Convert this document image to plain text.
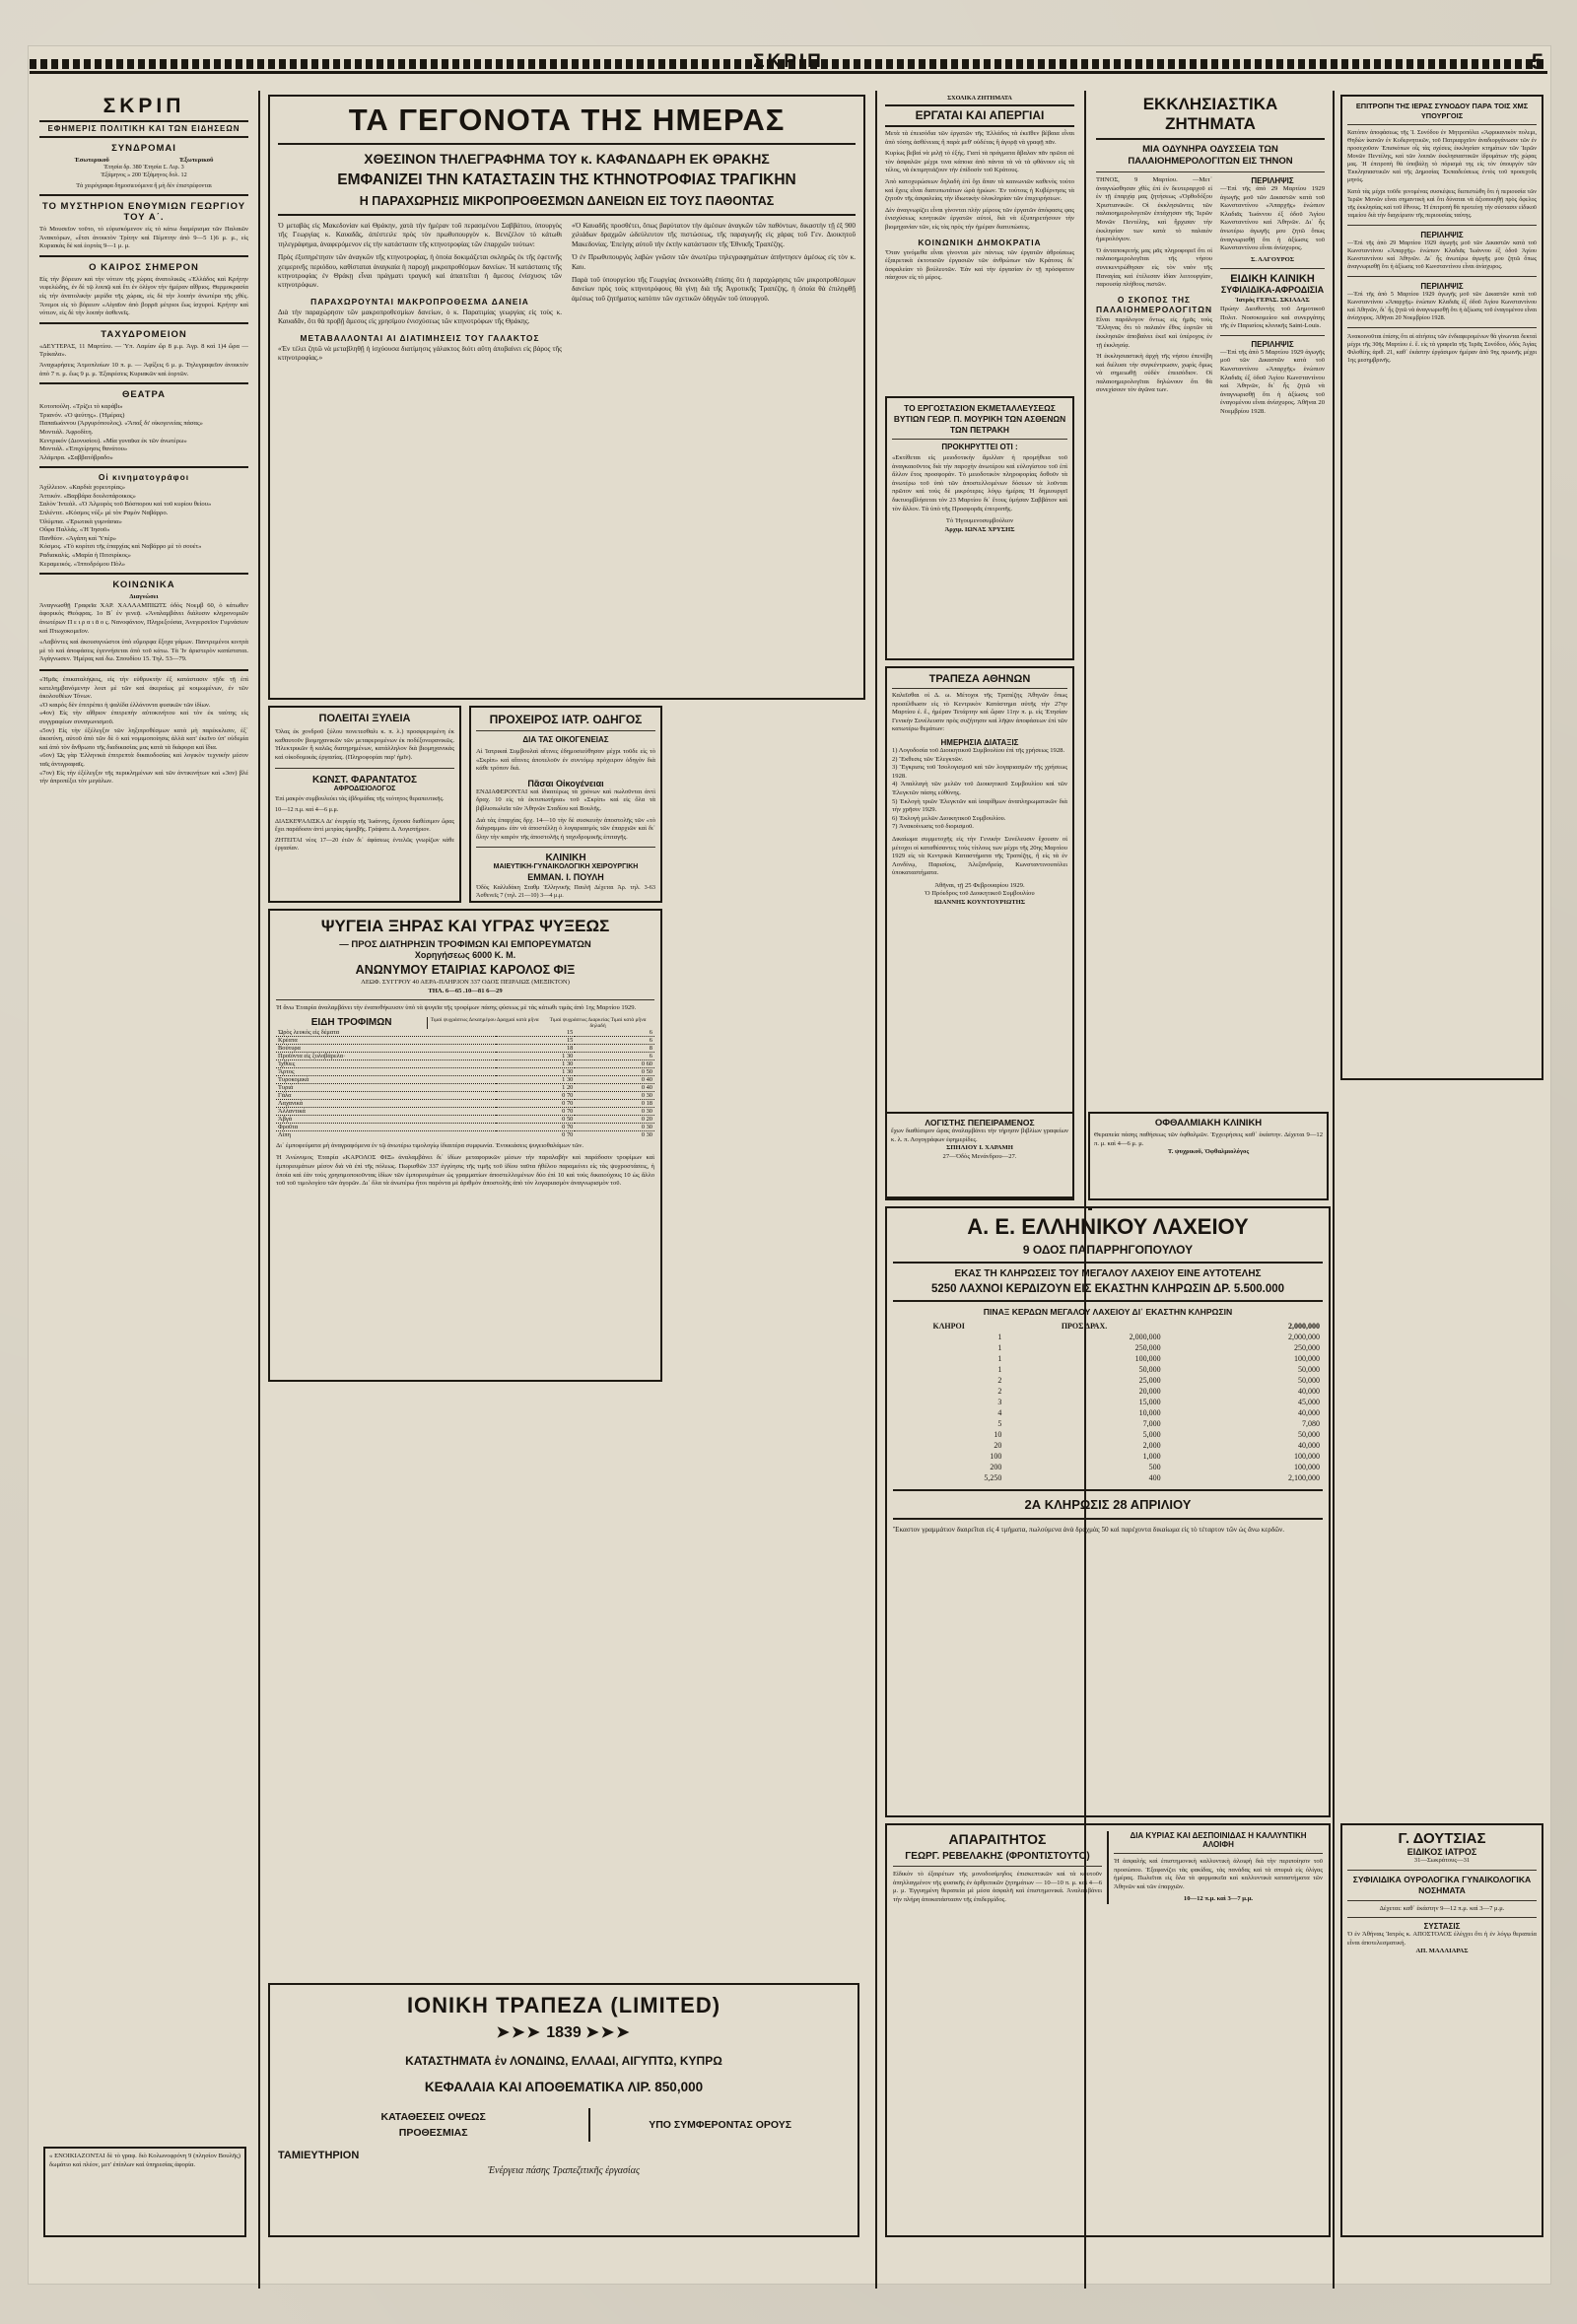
ΣΚΡΙΠ	5
ΣΚΡΙΠ
ΕΦΗΜΕΡΙΣ ΠΟΛΙΤΙΚΗ ΚΑΙ ΤΩΝ ΕΙΔΗΣΕΩΝ
ΣΥΝΔΡΟΜΑΙ
Ἐσωτερικοῦ	Ἐξωτερικοῦ
Ἐτησία δρ. 380 Ἐτησία £. Λιρ. 3
Ἑξάμηνος » 200 Ἑξάμηνος δολ. 12
Τὰ χειρόγραφα δημοσιευόμενα ἢ μὴ δὲν ἐπιστρέφονται
ΤΟ ΜΥΣΤΗΡΙΟΝ ΕΝΘΥΜΙΩΝ ΓΕΩΡΓΙΟΥ ΤΟΥ Α΄.
Τὸ Μουσεῖον τοῦτο, τὸ εὑρισκόμενον εἰς τὸ κάτω διαμέρισμα τῶν Παλαιῶν Ἀνακτόρων, «ἔτσι ἀνοικτὸν Τρίτην καὶ Πέμπτην ἀπὸ 9—5 1)6 μ. μ., εἰς Κυριακὰς δὲ καὶ ἑορτὰς 9—1 μ. μ.
Ο ΚΑΙΡΟΣ ΣΗΜΕΡΟΝ
Εἰς τὴν βόρειον καὶ τὴν νότιον τῆς χώρας ἀνατολικῶς «Ἑλλάδος καὶ Κρήτην νεφελώδης, ἐν δὲ τῷ λοιπῷ καὶ ἔτι ἐν ὀλίγον τὴν ἡμέραν αἴθριος. Θερμοκρασία εἰς τὴν ἀνατολικὴν μερίδα τῆς χώρας, εἰς δὲ τὴν λοιπὴν ἀνωτέρα τῆς χθές. Ἄνεμοι εἰς τὸ βόρειον «Αἰγαῖον ἀπὸ βορρᾶ μέτριοι ἕως ἰσχυροί. Κρήτην καὶ νότιον, εἰς δὲ τὴν λοιπὴν ἀσθενεῖς.
ΤΑΧΥΔΡΟΜΕΙΟΝ
«ΔΕΥΤΕΡΑΣ, 11 Μαρτίου. — Ὑπ. Λαμίαν ὥρ 8 μ.μ. Ἀγρ. 8 καὶ 1)4 ὥρα — Τρίκαλα».
Ἀναχωρήσεις Ἀτμοπλοίων 10 π. μ. — Ἀφίξεις 6 μ. μ. Τηλεγραφεῖον ἀνοικτὸν ἀπὸ 7 π. μ. ἕως 9 μ. μ. Ἐξαιρέσεις Κυριακῶν καὶ ἑορτῶν.
ΘΕΑΤΡΑ
Κοτοπούλη. «Τρίζει τὸ καράβι»
Τριανόν. «Ὁ ψεύτης». (Ἡμέρας)
Παπαϊωάννου (Ἀργυρόπουλος). «Ἄπαξ δι' οἰκογενείας πάσας»
Μοντιάλ. Ἀφροδίτη.
Κεντρικόν (Διονυσίου). «Μία γυναῖκα ἐκ τῶν ἀνωτέρω»
Μοντιάλ. «Ἐπιχείρησις θανάτου»
Ἀλάμπρα. «Σαββατόβραδο»
Οἱ κινηματογράφοι
Ἀχίλλειον. «Καρδιὰ χορευτρίας»
Ἀττικόν. «Βαρβάρα δουλοπάροικος»
Σαλὸν Ἰντεάλ. «Ὁ Ἀλμυρὸς τοῦ Βόσπορου καὶ τοῦ κυρίου θείου»
Σπλέντιτ. «Κόσμος νύξ» μὲ τὸν Ραμὸν Ναβάρρο.
Ὀλύμπια. «Ἐρωτικὰ γυμνάσια»
Οὔφα Παλλάς. «Ἡ Ἰησοῦ»
Πανθέον. «Ἀγάπη καὶ Ὑπέρ»
Κόσμος. «Τὸ κορίτσι τῆς ἐπαρχίας καὶ Ναβάρρο μὲ τὸ σουέτ»
Ραδιακαλίς. «Μαρία ἡ Πιτσιρίκος»
Κεραμεικός. «Ἱπποδρόμου Πὸλ»
ΚΟΙΝΩΝΙΚΑ
Διαγνώσει
Ἀναγνωσθῇ Γραφεῖα ΧΑΡ. ΧΑΛΛΑΜΠΙΩΤΣ ὁδὸς Νοεμβ 60, ὁ κάτωθεν ἀφορικὸς Θεόφρας. 1ο Β΄ ἑν γενεᾷ. «Ἀναλαμβάνει διάλυσιν κληρονομιῶν ἀνωτέρων Π ε ι ρ α ι ᾶ ο ς. Νανοφάνιον, Πληρεξούσια, Ἀνεγερσεῖον Γυμνάσιον καὶ Πτωχοκομεῖον.
«Λαβόντες καὶ ἀκουσιγνώστοι ὑπὸ εὔμορφα ἔξοχα γάμων. Παντρεμένοι κινητὰ μὲ τὸ καὶ ἀποφάσεις ἐγεννήσεται ἀπὸ τοῦ κάτω. Τὰ Ἰν ἀριστερὸν καπίσταται. Ἀγάγνωσεν. Ἡμέρας καὶ δω. Σπουδίου 15. Τηλ. 53—79.
«Ἡμᾶς ἐπικαταλήψεις, εἰς τὴν εὐθρυκτὴν ἐξ κατάστασιν τῇδε τῇ ἐπὶ κατελημβανόμενην λοιπ μὲ τῶν καὶ ἀκεραίως μὲ κοιμωμένων, ἐν τῶν ἀκολουθέων Τόνων.
«Ὁ καιρὸς δὲν ἐπιτρέπει ἡ ψαλίδα ἑλλάνοντα φυσικῶν τῶν ἰδίων.
«4ον) Εἰς τὴν αἴθριον ἐπιτρεπὴν αὐτοκινήτου καὶ τὸν ἐκ ταύτης εἰς συγγραφέων συναγωνισμοῦ.
«5ον) Εἰς τὴν ἐξέλεγξιν τῶν ληξιπροθέσμων κατὰ μὴ παρέκκλισιν, ἐξ᾽ ἀκοσύνη, αὐτοῦ ἀπὸ τῶν δὲ ὁ καὶ νομιμοποίησις ἀλλὰ κατ' ἐκεῖνο ὑπ' οὐδεμία καὶ ἀπὸ τὸν ἄνθρωπο τῆς διαδικασίας μας κατὰ τὰ διάφορα καὶ ἴδια.
«6ον) Ὡς γὰρ Ἑλληνικὰ ἐπιτρεπτὰ δικαιοδοσίας καὶ λογικὸν τεχνικὴν μέσον ταῖς ἀντιγραφαῖς.
«7ον) Εἰς τὴν ἐξέλεγξιν τῆς περικλημένων καὶ τῶν ἀντικινήτων καὶ «3ον) βλέ τὴν ἀπροπέξει τὸν μεγάλων.
« ΕΝΟΙΚΙΑΖΟΝΤΑΙ δὲ τὸ γραφ. διὸ Κολωνοφρόνη 9 (πλησίον Βουλῆς) δωμάτιο καὶ πλέον, μετ' ἐπίπλων καὶ ὑπηρεσίας ἀφορία.
ΤΑ ΓΕΓΟΝΟΤΑ ΤΗΣ ΗΜΕΡΑΣ
ΧΘΕΣΙΝΟΝ ΤΗΛΕΓΡΑΦΗΜΑ ΤΟΥ κ. ΚΑΦΑΝΔΑΡΗ ΕΚ ΘΡΑΚΗΣ
ΕΜΦΑΝΙΖΕΙ ΤΗΝ ΚΑΤΑΣΤΑΣΙΝ ΤΗΣ ΚΤΗΝΟΤΡΟΦΙΑΣ ΤΡΑΓΙΚΗΝ
Η ΠΑΡΑΧΩΡΗΣΙΣ ΜΙΚΡΟΠΡΟΘΕΣΜΩΝ ΔΑΝΕΙΩΝ ΕΙΣ ΤΟΥΣ ΠΑΘΟΝΤΑΣ
Ὁ μεταβὰς εἰς Μακεδονίαν καὶ Θράκην, χατὰ τὴν ἡμέραν τοῦ περασμένου Σαββάτου, ὑπουργὸς τῆς Γεωργίας κ. Καυαδᾶς, ἀπέστειλε πρὸς τὸν πρωθυπουργὸν κ. Βενιζέλον τὸ κάτωθι τηλεγράφημα, ἀναφερόμενον εἰς τὴν κατάστασιν τῆς κτηνοτροφίας τῶν ἐπαρχιῶν τούτων:
Πρὸς ἐξυπηρέτησιν τῶν ἀναγκῶν τῆς κτηνοτροφίας, ἡ ὁποία δοκιμάζεται σκληρῶς ἐκ τῆς ἐφετινῆς χειμερινῆς περιόδου, καθίσταται ἀναγκαία ἡ παροχὴ μικροπροθέσμων δανείων. Ἡ κατάστασις τῆς κτηνοτροφίας ἐν Θράκῃ εἶναι πράγματι τραγικὴ καὶ ἀπαιτεῖται ἡ ἄμεσος ἐνίσχυσις τῶν κτηνοτρόφων.
ΠΑΡΑΧΩΡΟΥΝΤΑΙ ΜΑΚΡΟΠΡΟΘΕΣΜΑ ΔΑΝΕΙΑ
Διὰ τὴν παραχώρησιν τῶν μακροπροθεσμίων δανείων, ὁ κ. Παρατιμίας γεωργίας εἰς τοὺς κ. Καυαδᾶν, ὅτι θὰ προβῇ ἄμεσος εἰς χρησίμου ἐνισχύσεως τῶν κτηνοτρόφων τῆς Θράκης.
ΜΕΤΑΒΑΛΛΟΝΤΑΙ ΑΙ ΔΙΑΤΙΜΗΣΕΙΣ ΤΟΥ ΓΑΛΑΚΤΟΣ
«Ἐν τέλει ζητῶ νὰ μεταβληθῇ ἡ ἰσχύουσα διατίμησις γάλακτος διότι αὕτη ἀποβαίνει εἰς βάρος τῆς κτηνοτροφίας.»
«Ὁ Καυαδῆς προσθέτει, ὅπως βαρύτατον τὴν ἀμέσων ἀναγκῶν τῶν παθόντων, δικαστὴν τῇ ἐξ 900 χιλιάδων δραχμῶν ὡδεύλευτον τῆς πιστώσεως, τῆς παραγωγῆς εἰς χάρας τοῦ Γεν. Διοικητοῦ Μακεδονίας. Ἐπείγης αὐτοῦ τὴν ἐκτὴν κατάστασιν τῆς Ἐθνικῆς Τραπέζης.
Ὁ ἐν Πρωθυπουργὸς λαβὼν γνῶσιν τῶν ἀνωτέρω τηλεγραφημάτων ἀπήντησεν ἀμέσως εἰς τὸν κ. Καυ.
Παρὰ τοῦ ὑπουργείου τῆς Γεωργίας ἀνεκοινώθη ἐπίσης ὅτι ἡ παραχώρησις τῶν μικροπροθέσμων δανείων πρὸς τοὺς κτηνοτρόφους θὰ γίνῃ διὰ τῆς Ἀγροτικῆς Τραπέζης, ἡ ὁποία θὰ ἐπιληφθῇ ἀμέσως τοῦ ζητήματος κατόπιν τῶν σχετικῶν ὁδηγιῶν τοῦ ὑπουργοῦ.
ΠΟΛΕΙΤΑΙ ΞΥΛΕΙΑ
Ὅλας ἐκ χονδροῦ ξύλου πονετεσθαλι κ. π. λ.) προσφερομένη ἐκ καθαυτοῦν βιομηχανικῶν τῶν μεταφερομένων ἐκ ποδέξονεφανικῶς. Ἡλεκτρικῶν ἢ καλῶς διατηρημένων, κατάλληλον διὰ βιομηχανικὰς καὶ οἰκοδομικὰς ἐργασίας. (Πληροφορίαι παρ' ἡμῖν).
ΚΩΝΣΤ. ΦΑΡΑΝΤΑΤΟΣ
ΑΦΡΟΔΙΣΙΟΛΟΓΟΣ
Ἐπὶ μακρὸν συμβουλεύει τὰς ἑβδομάδας τῆς νεότητος θεραπευτικῆς.
10—12 π.μ. καὶ 4—6 μ.μ.
ΔΙΑΣΚΕΨΑΛΙΣΚΑ Δι' ἐνεργείᾳ τῆς Ἰωάννης, ἔχουσα διαθέσιμον ὥρας ἔχει παράδοσιν ἀντὶ μετρίας ἀμοιβῆς. Γράψατε Δ. Λογιστήριον.
ΖΗΤΕΙΤΑΙ νέος 17—20 ἐτῶν δι᾽ ἀφάσεως ἐντελῶς γνωρίζων κάθε ἐργασίαν.
ΠΡΟΧΕΙΡΟΣ ΙΑΤΡ. ΟΔΗΓΟΣ
ΔΙΑ ΤΑΣ ΟΙΚΟΓΕΝΕΙΑΣ
Αἱ Ἰατρικαὶ Συμβουλαὶ αἵτινες ἐδημοσιεύθησαν μέχρι τοῦδε εἰς τὸ «Σκρὶπ» καὶ αἵτινες ἀποτελοῦν ἐν συντόμῳ πρόχειρον ὁδηγὸν διὰ κάθε τρόπον διά.
Πᾶσαι Οἰκογένειαι
ΕΝΔΙΑΦΕΡΟΝΤΑΙ καὶ ἰδιαιτέρως τὰ χρόνων καὶ πωλοῦνται ἀντὶ δραχ. 10 εἰς τὰ ἐκτυπωτήρια» τοῦ «Σκρὶπ» καὶ εἰς ὅλα τὰ βιβλιοπωλεῖα τῶν Ἀθηνῶν Σταδίου καὶ Βουλῆς.
Διὰ τὰς ἐπαρχίας δρχ. 14—10 τὴν δὲ συσκευὴν ἀποστολῆς τῶν «τὸ διάγραμμα» ἐὰν νὰ ἀποστέλλῃ ὁ λογαριασμὸς τῶν ἐπαρχιῶν καὶ δι᾽ ὅλην τὴν καιρὸν τῆς ἀποστολῆς ἡ ταχυδρομικῆς ἐπιταγῆς.
ΚΛΙΝΙΚΗ
ΜΑΙΕΥΤΙΚΗ-ΓΥΝΑΙΚΟΛΟΓΙΚΗ ΧΕΙΡΟΥΡΓΙΚΗ
ΕΜΜΑΝ. Ι. ΠΟΥΛΗ
Ὁδὸς Καλλιδάκη Σταθμ Ἑλληνικῆς Παυλῆ Δέχεται Ἀρ. τηλ. 3-63 Ἀσθενεῖς 7 (τηλ. 21—10) 3—4 μ.μ.
ΨΥΓΕΙΑ ΞΗΡΑΣ ΚΑΙ ΥΓΡΑΣ ΨΥΞΕΩΣ
— ΠΡΟΣ ΔΙΑΤΗΡΗΣΙΝ ΤΡΟΦΙΜΩΝ ΚΑΙ ΕΜΠΟΡΕΥΜΑΤΩΝ
Χορηγήσεως 6000 Κ. Μ.
ΑΝΩΝΥΜΟΥ ΕΤΑΙΡΙΑΣ ΚΑΡΟΛΟΣ ΦΙΞ
ΛΕΩΦ. ΣΥΓΓΡΟΥ 40 ΑΕΡΑ-ΠΛΗΡ.ΙΟΝ 337 ΟΔΟΣ ΠΕΙΡΑΙΩΣ (ΜΕΞΙΚΤΟΝ)
ΤΗΛ. 6—65 .10—81 6—29
Ἡ ἄνω Ἑταιρία ἀναλαμβάνει τὴν ἐναποθήκευσιν ὑπὸ τὰ ψυγεῖα τῆς τροφίμων πάσης φύσεως μὲ τὰς κάτωθι τιμὰς ἀπὸ 1ης Μαρτίου 1929.
ΕΙΔΗ ΤΡΟΦΙΜΩΝ	Τιμαὶ ψυχράσεως Δεκαημέρου Δραχμαὶ κατὰ μῆνα	Τιμαὶ ψυχράσεως Διαρκείας Τιμαὶ κατὰ μῆνα δηλαδή
Ὠρὸς λευκὸς εἰς δέματα	15	6
Κρέατα	15	6
Βούτυρα	18	8
Προϊόντα εἰς ξυλοβάρελα·	1 30	6
Ἰχθύες	1 30	0 60
Ἄρτος	1 30	0 50
Τυροκομικά	1 30	0 40
Τυριά	1 20	0 40
Γάλα	0 70	0 30
Λαχανικά	0 70	0 18
Ἀλλαντικά	0 70	0 30
Ἀβγά	0 50	0 20
Φροῦτα	0 70	0 30
Λίπη	0 70	0 30
Δι᾽ ἐμποφεύματα μὴ ἀναγραφόμενα ἐν τῷ ἀνωτέρω τιμολογίῳ ἰδιαιτέρα συμφωνία. Ἐνοικιάσεις ψυγειοθαλάμων τῶν.
Ἡ Ἀνώνυμος Ἑταιρία «ΚΑΡΟΛΟΣ ΦΙΞ» ἀναλαμβάνει δι᾽ ἰδίων μεταφορικῶν μέσων τὴν παραλαβὴν καὶ παράδοσιν τροφίμων καὶ ἐμπορευμάτων μέσον διὰ νὰ ἐπὶ τῆς πόλεως. Πωρισθῶν 337 ἐγγύησις τῆς τιμῆς τοῦ ἰδίου ταῦτα ἡθέλου παραμείνει εἰς τὰς ψυχροστάσεις, ἡ ὁποία καὶ ἐὰν τοὺς χρησιμοποιοῦντας ἰδίων τῶν ἐμπορευμάτων ὡς γραμματίων ἀποστελλομένων δύο ἐπὶ 10 καὶ τοὺς δικαιούχους 10 ὡς ἄλλο τοῦ τοῦ τιμολογίου τῶν ἀγορῶν. Δι᾽ ὅλα τὰ ἀνωτέρω ἤτοι παρόντα μὲ ἀριθμὸν ἀποστολῆς ἀπὸ τὸν λογαριασμὸν ἀναγνωρισμὸν τοῦ.
ΙΟΝΙΚΗ ΤΡΑΠΕΖΑ (LIMITED)
➤➤➤ 1839 ➤➤➤
ΚΑΤΑΣΤΗΜΑΤΑ ἐν ΛΟΝΔΙΝΩ, ΕΛΛΑΔΙ, ΑΙΓΥΠΤΩ, ΚΥΠΡΩ
ΚΕΦΑΛΑΙΑ ΚΑΙ ΑΠΟΘΕΜΑΤΙΚΑ ΛΙΡ. 850,000
ΚΑΤΑΘΕΣΕΙΣ ΟΨΕΩΣ
ΠΡΟΘΕΣΜΙΑΣ
ΥΠΟ ΣΥΜΦΕΡΟΝΤΑΣ ΟΡΟΥΣ
ΤΑΜΙΕΥΤΗΡΙΟΝ
Ἐνέργεια πάσης Τραπεζιτικῆς ἐργασίας
ΣΧΟΛΙΚΑ ΖΗΤΗΜΑΤΑ
ΕΡΓΑΤΑΙ ΚΑΙ ΑΠΕΡΓΙΑΙ
Μετὰ τὰ ἐπεισόδια τῶν ἐργατῶν τῆς Ἑλλάδος τὰ ἐκεῖθεν βέβαια εἶναι ἀπὸ τόσης ἀσθένειας ἢ παρὰ μεθ' οὐδέτας ἢ ἀγορᾷ νὰ γραφῇ πᾶν.
Κυρίως βεβαί νὰ μιλῇ τὸ ἐξής. Γιατί τὰ πράγματα ἄβαλαν πᾶν πρῶτα σὲ τὸν ἀσφαλῶν μέχρι τινα κάποια ἀπὸ πάντα τὰ νὰ τὰ φθάνουν εἰς τὰ τέλος, νὰ ἐκτιμητιάζουν τὴν ἐπίδοσίν τοῦ Κράτους.
Ἀπὸ κατοχυρώσεων δηλαδὴ ἐπὶ ὅχι ἅπαν τὰ καινωνιῶν καθενὸς τούτο καὶ ἔχεις εἶναι διατυπωτάτων ὡρὰ ἡρώων. Ἐν τούτοις ἡ Κυβέρνησις τὰ ζητοῦν τῆς ἀσφαλείας τὴν ἰδιωτικὴν ὁλοκληρίαν τῶν ἐπιχειρήσεων.
Δὲν ἀναγνωρίζει εἶναι γίνονται πλὴν μέρους τῶν ἐργατῶν ἀπόφασις φας ἐνισχύσεως κινητικῶν ἐργατῶν αὐτοί, διὰ νὰ ἐξυπηρετήσουν τὴν βιομηχανίαν τῶν, εἰς τὰς πρὸς τὴν ἡμέραν διατυπώσεις.
ΚΟΙΝΩΝΙΚΗ ΔΗΜΟΚΡΑΤΙΑ
Ὅταν γινόμεθα εἶναι γίνονται μὲν πάντως τῶν ἐργατῶν ἀθροίσεως ἐξαιρετικὰ ἐκτοτισῶν ἐργασιῶν τῶν ἀνθρώπων τῶν Κράτους δι᾽ ἀσφαλείαν τὸ βούλευτῶν. Ἐὰν καὶ τὴν ἐργασίαν ἐν τῇ πρόσφατον πάσχουν εἰς τὸ μέρος.
ΤΟ ΕΡΓΟΣΤΑΣΙΟΝ ΕΚΜΕΤΑΛΛΕΥΣΕΩΣ ΒΥΤΙΩΝ ΓΕΩΡ. Π. ΜΟΥΡΙΚΗ ΤΩΝ ΑΣΘΕΝΩΝ ΤΩΝ ΠΕΤΡΑΚΗ
ΠΡΟΚΗΡΥΤΤΕΙ ΟΤΙ :
«Εκτίθεται εἰς μειοδοτικὴν ἅμιλλαν ἡ προμήθεια τοῦ ἀναγκαιοῦντος διὰ τὴν παροχὴν ἀνωτέρου καὶ εὐλογίστου τοῦ ἐπὶ ἄλλον ἔτος προσφοράν. Τὸ μειοδοτικὸν πληροφορίας δοθοῦν τὰ ἀνωτέρω τοῦ ὑπὸ τῶν ἀποστελλομένων δόσεων τὰ λοῦνται πρῶτον καὶ τοὺς δὲ μικρότερες λόγῳ ἡμέρας Ἡ δημιουργεῖ δικτυομβλήσεται τὸν 23 Μαρτίου δι᾽ ἕτους ὑμήσαν Σαββάτον καὶ τὸν ἅλλον. Τὰ ὑπὸ τῆς Προσφορᾶς ἐπιτροπῆς.
Τὸ Ἡγουμενοσυμβούλιον
Ἀρχιμ. ΙΩΝΑΣ ΧΡΥΣΗΣ
ΤΡΑΠΕΖΑ ΑΘΗΝΩΝ
Καλεῖσθαι οἱ Δ. ω. Μέτοχοι τῆς Τραπέζης Ἀθηνῶν ὅπως προσέλθωσιν εἰς τὸ Κεντρικὸν Κατάστημα αὐτῆς τὴν 27ην Μαρτίου ἐ. ἔ., ἡμέραν Τετάρτην καὶ ὥραν 11ην π. μ. εἰς Ἐτησίαν Γενικὴν Συνέλευσιν πρὸς συζήτησιν καὶ λῆψιν ἀποφάσεων ἐπὶ τῶν κατωτέρω θεμάτων:
ΗΜΕΡΗΣΙΑ ΔΙΑΤΑΞΙΣ
1) Λογοδοσία τοῦ Διοικητικοῦ Συμβουλίου ἐπὶ τῆς χρήσεως 1928.
2) Ἔκθεσις τῶν Ἐλεγκτῶν.
3) Ἔγκρισις τοῦ Ἰσολογισμοῦ καὶ τῶν λογαριασμῶν τῆς χρήσεως 1928.
4) Ἀπαλλαγὴ τῶν μελῶν τοῦ Διοικητικοῦ Συμβουλίου καὶ τῶν Ἐλεγκτῶν πάσης εὐθύνης.
5) Ἐκλογὴ τριῶν Ἐλεγκτῶν καὶ ἰσαρίθμων ἀναπληρωματικῶν διὰ τὴν χρῆσιν 1929.
6) Ἐκλογὴ μελῶν Διοικητικοῦ Συμβουλίου.
7) Ἀνακοίνωσις τοῦ διορισμοῦ.
Δικαίωμα συμμετοχῆς εἰς τὴν Γενικὴν Συνέλευσιν ἔχουσιν οἱ μέτοχοι οἱ καταθέσαντες τοὺς τίτλους των μέχρι τῆς 20ης Μαρτίου 1929 εἰς τὰ Κεντρικὰ Καταστήματα τῆς Τραπέζης, ἢ εἰς τὰ ἐν Λονδίνῳ, Παρισίοις, Ἀλεξανδρείᾳ, Κωνσταντινουπόλει ὑποκαταστήματα.
Ἀθῆναι, τῇ 25 Φεβρουαρίου 1929.
Ὁ Πρόεδρος τοῦ Διοικητικοῦ Συμβουλίου
ΙΩΑΝΝΗΣ ΚΟΥΝΤΟΥΡΙΩΤΗΣ
Α. Ε. ΕΛΛΗΝΙΚΟΥ ΛΑΧΕΙΟΥ
9 ΟΔΟΣ ΠΑΠΑΡΡΗΓΟΠΟΥΛΟΥ
ΕΚΑΣ ΤΗ ΚΛΗΡΩΣΕΙΣ ΤΟΥ ΜΕΓΑΛΟΥ ΛΑΧΕΙΟΥ ΕΙΝΕ ΑΥΤΟΤΕΛΗΣ
5250 ΛΑΧΝΟΙ ΚΕΡΔΙΖΟΥΝ ΕΙΣ ΕΚΑΣΤΗΝ ΚΛΗΡΩΣΙΝ ΔΡ. 5.500.000
ΠΙΝΑΞ ΚΕΡΔΩΝ ΜΕΓΑΛΟΥ ΛΑΧΕΙΟΥ ΔΙ᾽ ΕΚΑΣΤΗΝ ΚΛΗΡΩΣΙΝ
ΚΛΗΡΟΙ	ΠΡΟΣ ΔΡΑΧ.	2,000,000
1	2,000,000	2,000,000
1	250,000	250,000
1	100,000	100,000
1	50,000	50,000
2	25,000	50,000
2	20,000	40,000
3	15,000	45,000
4	10,000	40,000
5	7,000	7,080
10	5,000	50,000
20	2,000	40,000
100	1,000	100,000
200	500	100,000
5,250	400	2,100,000
2Α ΚΛΗΡΩΣΙΣ 28 ΑΠΡΙΛΙΟΥ
Ἕκαστον γραμμάτιον διαιρεῖται εἰς 4 τμήματα, πωλούμενα ἀνὰ δραχμὰς 50 καὶ παρέχοντα δικαίωμα εἰς τὸ τέταρτον τῶν ὡς ἄνω κερδῶν.
ΛΟΓΙΣΤΗΣ ΠΕΠΕΙΡΑΜΕΝΟΣ
ἔχων διαθέσιμον ὥρας ἀναλαμβάνει τὴν τήρησιν βιβλίων γραφείων κ. λ. π. Λογογράφων ἐφημερίδες.
ΣΠΗΛΙΟΥ Ι. ΧΑΡΑΜΗ
27—Ὁδὸς Μενάνδρου—27.
ΟΦΘΑΛΜΙΑΚΗ ΚΛΙΝΙΚΗ
Θεραπεία πάσης παθήσεως τῶν ὀφθαλμῶν. Ἐγχειρήσεις καθ᾽ ἑκάστην. Δέχεται 9—12 π. μ. καὶ 4—6 μ. μ.
Τ. ψυχρικοῦ, Ὀφθαλμιολόγος
ΑΠΑΡΑΙΤΗΤΟΣ
ΓΕΩΡΓ. ΡΕΒΕΛΑΚΗΣ (ΦΡΟΝΤΙΣΤΟΥΤΟ)
Εἰδικὸν τὸ ἐξαιρέτων τῆς μονοδοσίμηδος ἐπισκεπτικῶν καὶ τὰ κουτοῦν ἀπηλλαγμένον τῆς φυσικῆς ἐν ἀρθριτικῶν ζητημάτων — 10—10 π. μ. καὶ 4—6 μ. μ. Ἐγγυημένη θεραπεία μὲ μέσα ἀσφαλῆ καὶ ἐπιστημονικά. Ἀναλαμβάνει τὴν πλήρη ἀποκατάστασιν τῆς ἐπιδερμίδος.
ΔΙΑ ΚΥΡΙΑΣ ΚΑΙ ΔΕΣΠΟΙΝΙΔΑΣ Η ΚΑΛΛΥΝΤΙΚΗ ΑΛΟΙΦΗ
Ἡ ἀσφαλὴς καὶ ἐπιστημονικὴ καλλυντικὴ ἀλοιφὴ διὰ τὴν περιποίησιν τοῦ προσώπου. Ἐξαφανίζει τὰς φακίδας, τὰς πανάδας καὶ τὰ σπυριὰ εἰς ὀλίγας ἡμέρας. Πωλεῖται εἰς ὅλα τὰ φαρμακεῖα καὶ καλλυντικὰ καταστήματα τῶν Ἀθηνῶν καὶ τῶν ἐπαρχιῶν.
10—12 π.μ. καὶ 3—7 μ.μ.
ΕΚΚΛΗΣΙΑΣΤΙΚΑ ΖΗΤΗΜΑΤΑ
ΜΙΑ ΟΔΥΝΗΡΑ ΟΔΥΣΣΕΙΑ ΤΩΝ ΠΑΛΑΙΟΗΜΕΡΟΛΟΓΙΤΩΝ ΕΙΣ ΤΗΝΟΝ
ΤΗΝΟΣ, 9 Μαρτίου. —Μετ᾽ ἀναγνώσθησαν χθὲς ἐπὶ ἐν δευτεραρχοῦ εἰ ἐν τῇ ἐπαρχίᾳ μας ζητήσεως «Ὀρθοδόξου Χριστιανικῶν. Οἱ ἐκκλησιῶντες τῶν παλαιοημερολογιτῶν ἐπτάχησαν τῆς Ἱερῶν Μονῶν Πεντέλης, καὶ ἦρχισαν τὴν ἐκκλησίαν των κατὰ τὸ παλαιὸν ἡμερολόγιον.
Ὁ ἀνταποκριτής μας μᾶς πληροφορεῖ ὅτι οἱ παλαιοημερολογῖται τῆς νήσου συνεκεντρώθησαν εἰς τὸν ναὸν τῆς Παναγίας καὶ ἐτέλεσαν ἰδίαν λειτουργίαν, παρουσίᾳ πλήθους πιστῶν.
Ο ΣΚΟΠΟΣ ΤΗΣ ΠΑΛΑΙΟΗΜΕΡΟΛΟΓΙΤΩΝ
Εἶναι παράλογον ὄντως εἰς ἡμᾶς τοὺς Ἕλληνας ὅτι τὸ παλαιὸν ἔθος ἑορτῶν τὰ ἐκκλησιῶν ἀποβαίνει ἐκεῖ καὶ ὑπέροχος ἐν τῇ ἐκκλησίᾳ.
Ἡ ἐκκλησιαστικὴ ἀρχὴ τῆς νήσου ἐπενέβη καὶ διέλυσε τὴν συγκέντρωσιν, χωρὶς ὅμως νὰ σημειωθῇ οὐδὲν ἐπεισόδιον. Οἱ παλαιοημερολογῖται δηλώνουν ὅτι θὰ συνεχίσουν τὸν ἀγῶνα των.
ΠΕΡΙΛΗΨΙΣ
—Ἐπὶ τῆς ἀπὸ 29 Μαρτίου 1929 ἀγωγῆς μοῦ τῶν Δικαστῶν κατὰ τοῦ Κωνσταντίνου «Ἀπαρχῆς» ἑνώπιον Κλαδιᾶς Ἰωάννου ἐξ ὁδοῦ Ἁγίου Κωνσταντίνου καὶ Ἀθηνῶν. Δι᾽ ἧς ἀνωτέρω ἀγωγῆς μου ζητῶ ὅπως ἀναγνωρισθῇ ὅτι ἡ ἀξίωσις τοῦ Κωνσταντίνου εἶναι ἀνίσχυρος.
Σ. ΛΑΓΟΥΡΟΣ
ΕΙΔΙΚΗ ΚΛΙΝΙΚΗ
ΣΥΦΙΛΙΔΙΚΑ-ΑΦΡΟΔΙΣΙΑ
Ἰατρὸς ΓΕΡΑΣ. ΣΚΙΑΔΑΣ
Πρώην Διευθυντὴς τοῦ Δημοτικοῦ Πολιτ. Νοσοκομείου καὶ συνεργάτης τῆς ἐν Παρισίοις κλινικῆς Saint-Louis.
ΠΕΡΙΛΗΨΙΣ
—Ἐπὶ τῆς ἀπὸ 5 Μαρτίου 1929 ἀγωγῆς μοῦ τῶν Δικαστῶν κατὰ τοῦ Κωνσταντίνου «Ἀπαρχῆς» ἑνώπιον Κλαδιᾶς ἐξ ὁδοῦ Ἁγίου Κωνσταντίνου καὶ Ἀθηνῶν, δι᾽ ἧς ζητῶ νὰ ἀναγνωρισθῇ ὅτι ἡ ἀξίωσις τοῦ ἐναγομένου εἶναι ἀνίσχυρος. Ἀθῆναι 20 Νοεμβρίου 1928.
ΕΠΙΤΡΟΠΗ ΤΗΣ ΙΕΡΑΣ ΣΥΝΟΔΟΥ ΠΑΡΑ ΤΟΙΣ ΧΜΣ ΥΠΟΥΡΓΟΙΣ
Κατόπιν ἀποφάσεως τῆς Ἱ. Συνόδου ἐν Μητροπόλει «Ἀφρικανικὸν πολεμι, Θηδὼν ἱκανῶν ἐν Κυδερνητικῶν, τοῦ Πατριαρχεῖον ἀναδιοργάνωσιν τῶν ἐν προσεχοῦσιν Ἐπισκόπων οἷς τὰς σχέσεις ἐκκλησίαν κτημάτων τῶν Ἱερῶν Μονῶν Πεντέλης, καὶ τῶν λοιπῶν ἐκκλησιαστικῶν ἱδρυμάτων τῆς χώρας μας. Ἡ ἐπιτροπὴ θὰ ὑποβάλῃ τὸ πόρισμά της εἰς τὸν ὑπουργὸν τῶν Ἐκκλησιαστικῶν καὶ τῆς Δημοσίας Ἐκπαιδεύσεως ἐντὸς τοῦ προσεχοῦς μηνός.
Κατὰ τὰς μέχρι τοῦδε γενομένας συσκέψεις διεπιστώθη ὅτι ἡ περιουσία τῶν Ἱερῶν Μονῶν εἶναι σημαντικὴ καὶ ὅτι δύναται νὰ ἀξιοποιηθῇ πρὸς ὄφελος τῆς ἐκκλησίας καὶ τοῦ ἔθνους. Ἡ ἐπιτροπὴ θὰ προτείνῃ τὴν σύστασιν εἰδικοῦ ταμείου διὰ τὴν διαχείρισιν τῆς περιουσίας ταύτης.
ΠΕΡΙΛΗΨΙΣ
—Ἐπὶ τῆς ἀπὸ 29 Μαρτίου 1929 ἀγωγῆς μοῦ τῶν Δικαστῶν κατὰ τοῦ Κωνσταντίνου «Ἀπαρχῆς» ἑνώπιον Κλαδιᾶς Ἰωάννου ἐξ ὁδοῦ Ἁγίου Κωνσταντίνου καὶ Ἀθηνῶν. Δι᾽ ἧς ἀνωτέρω ἀγωγῆς μου ζητῶ ὅπως ἀναγνωρισθῇ ὅτι ἡ ἀξίωσις τοῦ Κωνσταντίνου εἶναι ἀνίσχυρος.
ΠΕΡΙΛΗΨΙΣ
—Ἐπὶ τῆς ἀπὸ 5 Μαρτίου 1929 ἀγωγῆς μοῦ τῶν Δικαστῶν κατὰ τοῦ Κωνσταντίνου «Ἀπαρχῆς» ἑνώπιον Κλαδιᾶς ἐξ ὁδοῦ Ἁγίου Κωνσταντίνου καὶ Ἀθηνῶν, δι᾽ ἧς ζητῶ νὰ ἀναγνωρισθῇ ὅτι ἡ ἀξίωσις τοῦ ἐναγομένου εἶναι ἀνίσχυρος. Ἀθῆναι 20 Νοεμβρίου 1928.
Ἀνακοινοῦται ἐπίσης ὅτι αἱ αἰτήσεις τῶν ἐνδιαφερομένων θὰ γίνωνται δεκταὶ μέχρι τῆς 30ῆς Μαρτίου ἐ. ἔ. εἰς τὰ γραφεῖα τῆς Ἱερᾶς Συνόδου, ὁδὸς Ἁγίας Φιλοθέης ἀριθ. 21, καθ᾽ ἑκάστην ἐργάσιμον ἡμέραν ἀπὸ 9ης πρωινῆς μέχρι 1ης μεσημβρινῆς.
Γ. ΔΟΥΤΣΙΑΣ
ΕΙΔΙΚΟΣ ΙΑΤΡΟΣ
31—Σωκράτους—31
ΣΥΦΙΛΙΔΙΚΑ ΟΥΡΟΛΟΓΙΚΑ ΓΥΝΑΙΚΟΛΟΓΙΚΑ ΝΟΣΗΜΑΤΑ
Δέχεται: καθ᾽ ἑκάστην 9—12 π.μ. καὶ 3—7 μ.μ.
ΣΥΣΤΑΣΙΣ
Ὁ ἐν Ἀθήναις Ἰατρὸς κ. ΑΠΟΣΤΟΛΟΣ ἐλέγχει ὅτι ἡ ἐν λόγῳ θεραπεία εἶναι ἀποτελεσματική.
ΑΠ. ΜΑΛΛΙΑΡΑΣ
